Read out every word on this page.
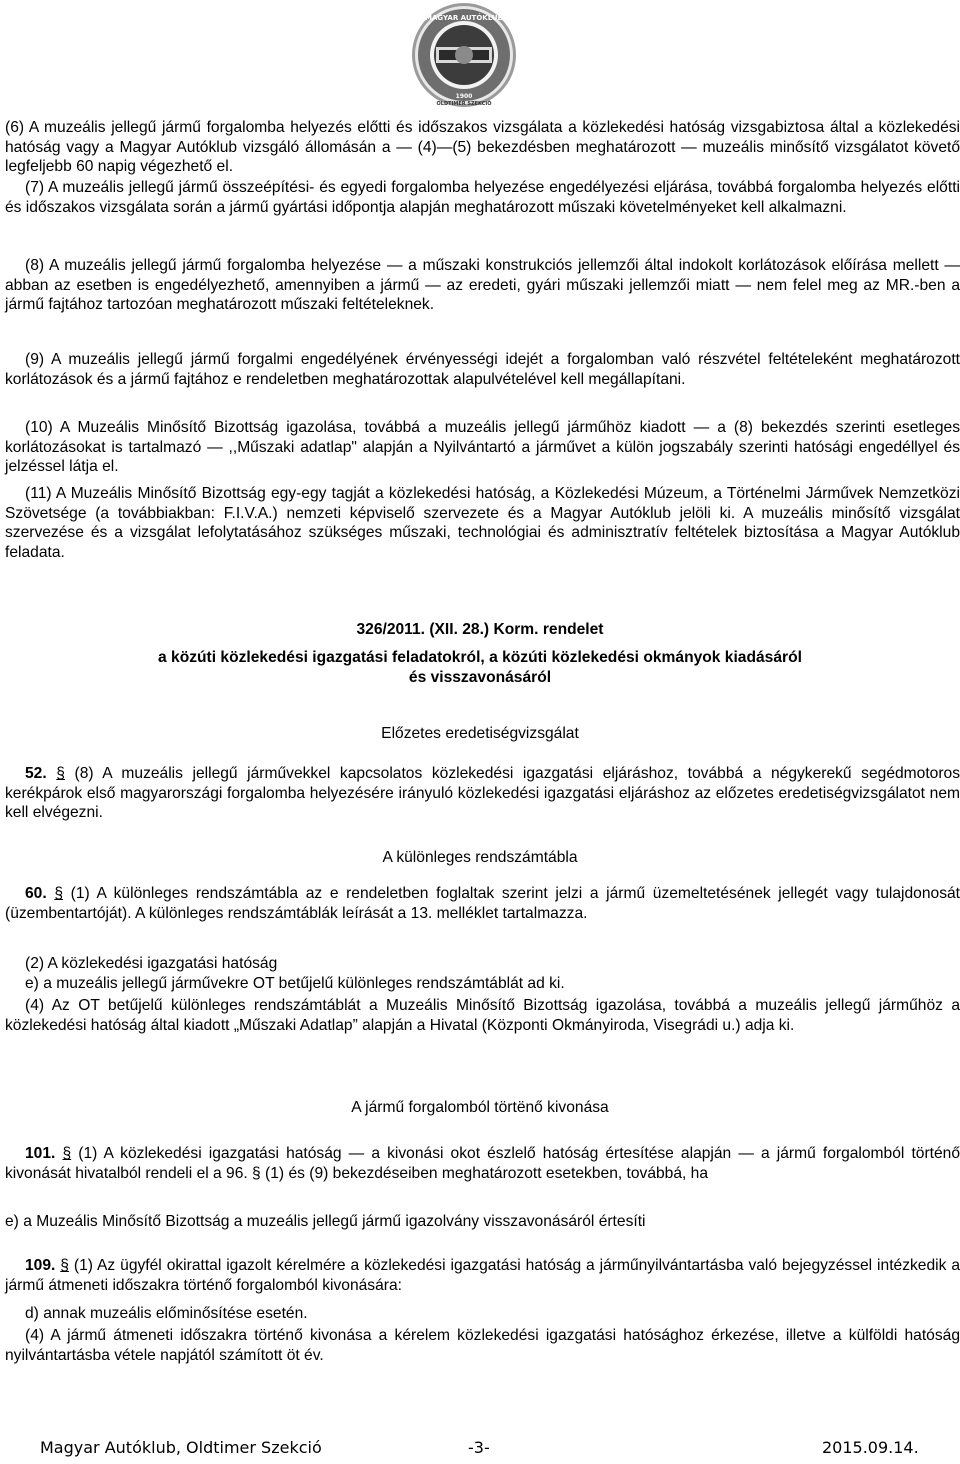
MAGYAR AUTÓKLUB
1900
OLDTIMER SZEKCIÓ

(6) A muzeális jellegű jármű forgalomba helyezés előtti és időszakos vizsgálata a közlekedési hatóság vizsgabiztosa által a közlekedési hatóság vagy a Magyar Autóklub vizsgáló állomásán a — (4)—(5) bekezdésben meghatározott — muzeális minősítő vizsgálatot követő legfeljebb 60 napig végezhető el.

(7) A muzeális jellegű jármű összeépítési- és egyedi forgalomba helyezése engedélyezési eljárása, továbbá forgalomba helyezés előtti és időszakos vizsgálata során a jármű gyártási időpontja alapján meghatározott műszaki követelményeket kell alkalmazni.

(8) A muzeális jellegű jármű forgalomba helyezése — a műszaki konstrukciós jellemzői által indokolt korlátozások előírása mellett — abban az esetben is engedélyezhető, amennyiben a jármű — az eredeti, gyári műszaki jellemzői miatt — nem felel meg az MR.-ben a jármű fajtához tartozóan meghatározott műszaki feltételeknek.

(9) A muzeális jellegű jármű forgalmi engedélyének érvényességi idejét a forgalomban való részvétel feltételeként meghatározott korlátozások és a jármű fajtához e rendeletben meghatározottak alapulvételével kell megállapítani.

(10) A Muzeális Minősítő Bizottság igazolása, továbbá a muzeális jellegű járműhöz kiadott — a (8) bekezdés szerinti esetleges korlátozásokat is tartalmazó — ,,Műszaki adatlap" alapján a Nyilvántartó a járművet a külön jogszabály szerinti hatósági engedéllyel és jelzéssel látja el.

(11) A Muzeális Minősítő Bizottság egy-egy tagját a közlekedési hatóság, a Közlekedési Múzeum, a Történelmi Járművek Nemzetközi Szövetsége (a továbbiakban: F.I.V.A.) nemzeti képviselő szervezete és a Magyar Autóklub jelöli ki. A muzeális minősítő vizsgálat szervezése és a vizsgálat lefolytatásához szükséges műszaki, technológiai és adminisztratív feltételek biztosítása a Magyar Autóklub feladata.

326/2011. (XII. 28.) Korm. rendelet

a közúti közlekedési igazgatási feladatokról, a közúti közlekedési okmányok kiadásáról

és visszavonásáról

Előzetes eredetiségvizsgálat

52. § (8) A muzeális jellegű járművekkel kapcsolatos közlekedési igazgatási eljáráshoz, továbbá a négykerekű segédmotoros kerékpárok első magyarországi forgalomba helyezésére irányuló közlekedési igazgatási eljáráshoz az előzetes eredetiségvizsgálatot nem kell elvégezni.

A különleges rendszámtábla

60. § (1) A különleges rendszámtábla az e rendeletben foglaltak szerint jelzi a jármű üzemeltetésének jellegét vagy tulajdonosát (üzembentartóját). A különleges rendszámtáblák leírását a 13. melléklet tartalmazza.

(2) A közlekedési igazgatási hatóság

e) a muzeális jellegű járművekre OT betűjelű különleges rendszámtáblát ad ki.

(4) Az OT betűjelű különleges rendszámtáblát a Muzeális Minősítő Bizottság igazolása, továbbá a muzeális jellegű járműhöz a közlekedési hatóság által kiadott „Műszaki Adatlap” alapján a Hivatal (Központi Okmányiroda, Visegrádi u.) adja ki.

A jármű forgalomból törtёnő kivonása

101. § (1) A közlekedési igazgatási hatóság — a kivonási okot észlelő hatóság értesítése alapján — a jármű forgalomból történő kivonását hivatalból rendeli el a 96. § (1) és (9) bekezdéseiben meghatározott esetekben, továbbá, ha

e) a Muzeális Minősítő Bizottság a muzeális jellegű jármű igazolvány visszavonásáról értesíti

109. § (1) Az ügyfél okirattal igazolt kérelmére a közlekedési igazgatási hatóság a járműnyilvántartásba való bejegyzéssel intézkedik a jármű átmeneti időszakra történő forgalomból kivonására:

d) annak muzeális előminősítése esetén.

(4) A jármű átmeneti időszakra történő kivonása a kérelem közlekedési igazgatási hatósághoz érkezése, illetve a külföldi hatóság nyilvántartásba vétele napjától számított öt év.

Magyar Autóklub, Oldtimer Szekció	-3-	2015.09.14.
